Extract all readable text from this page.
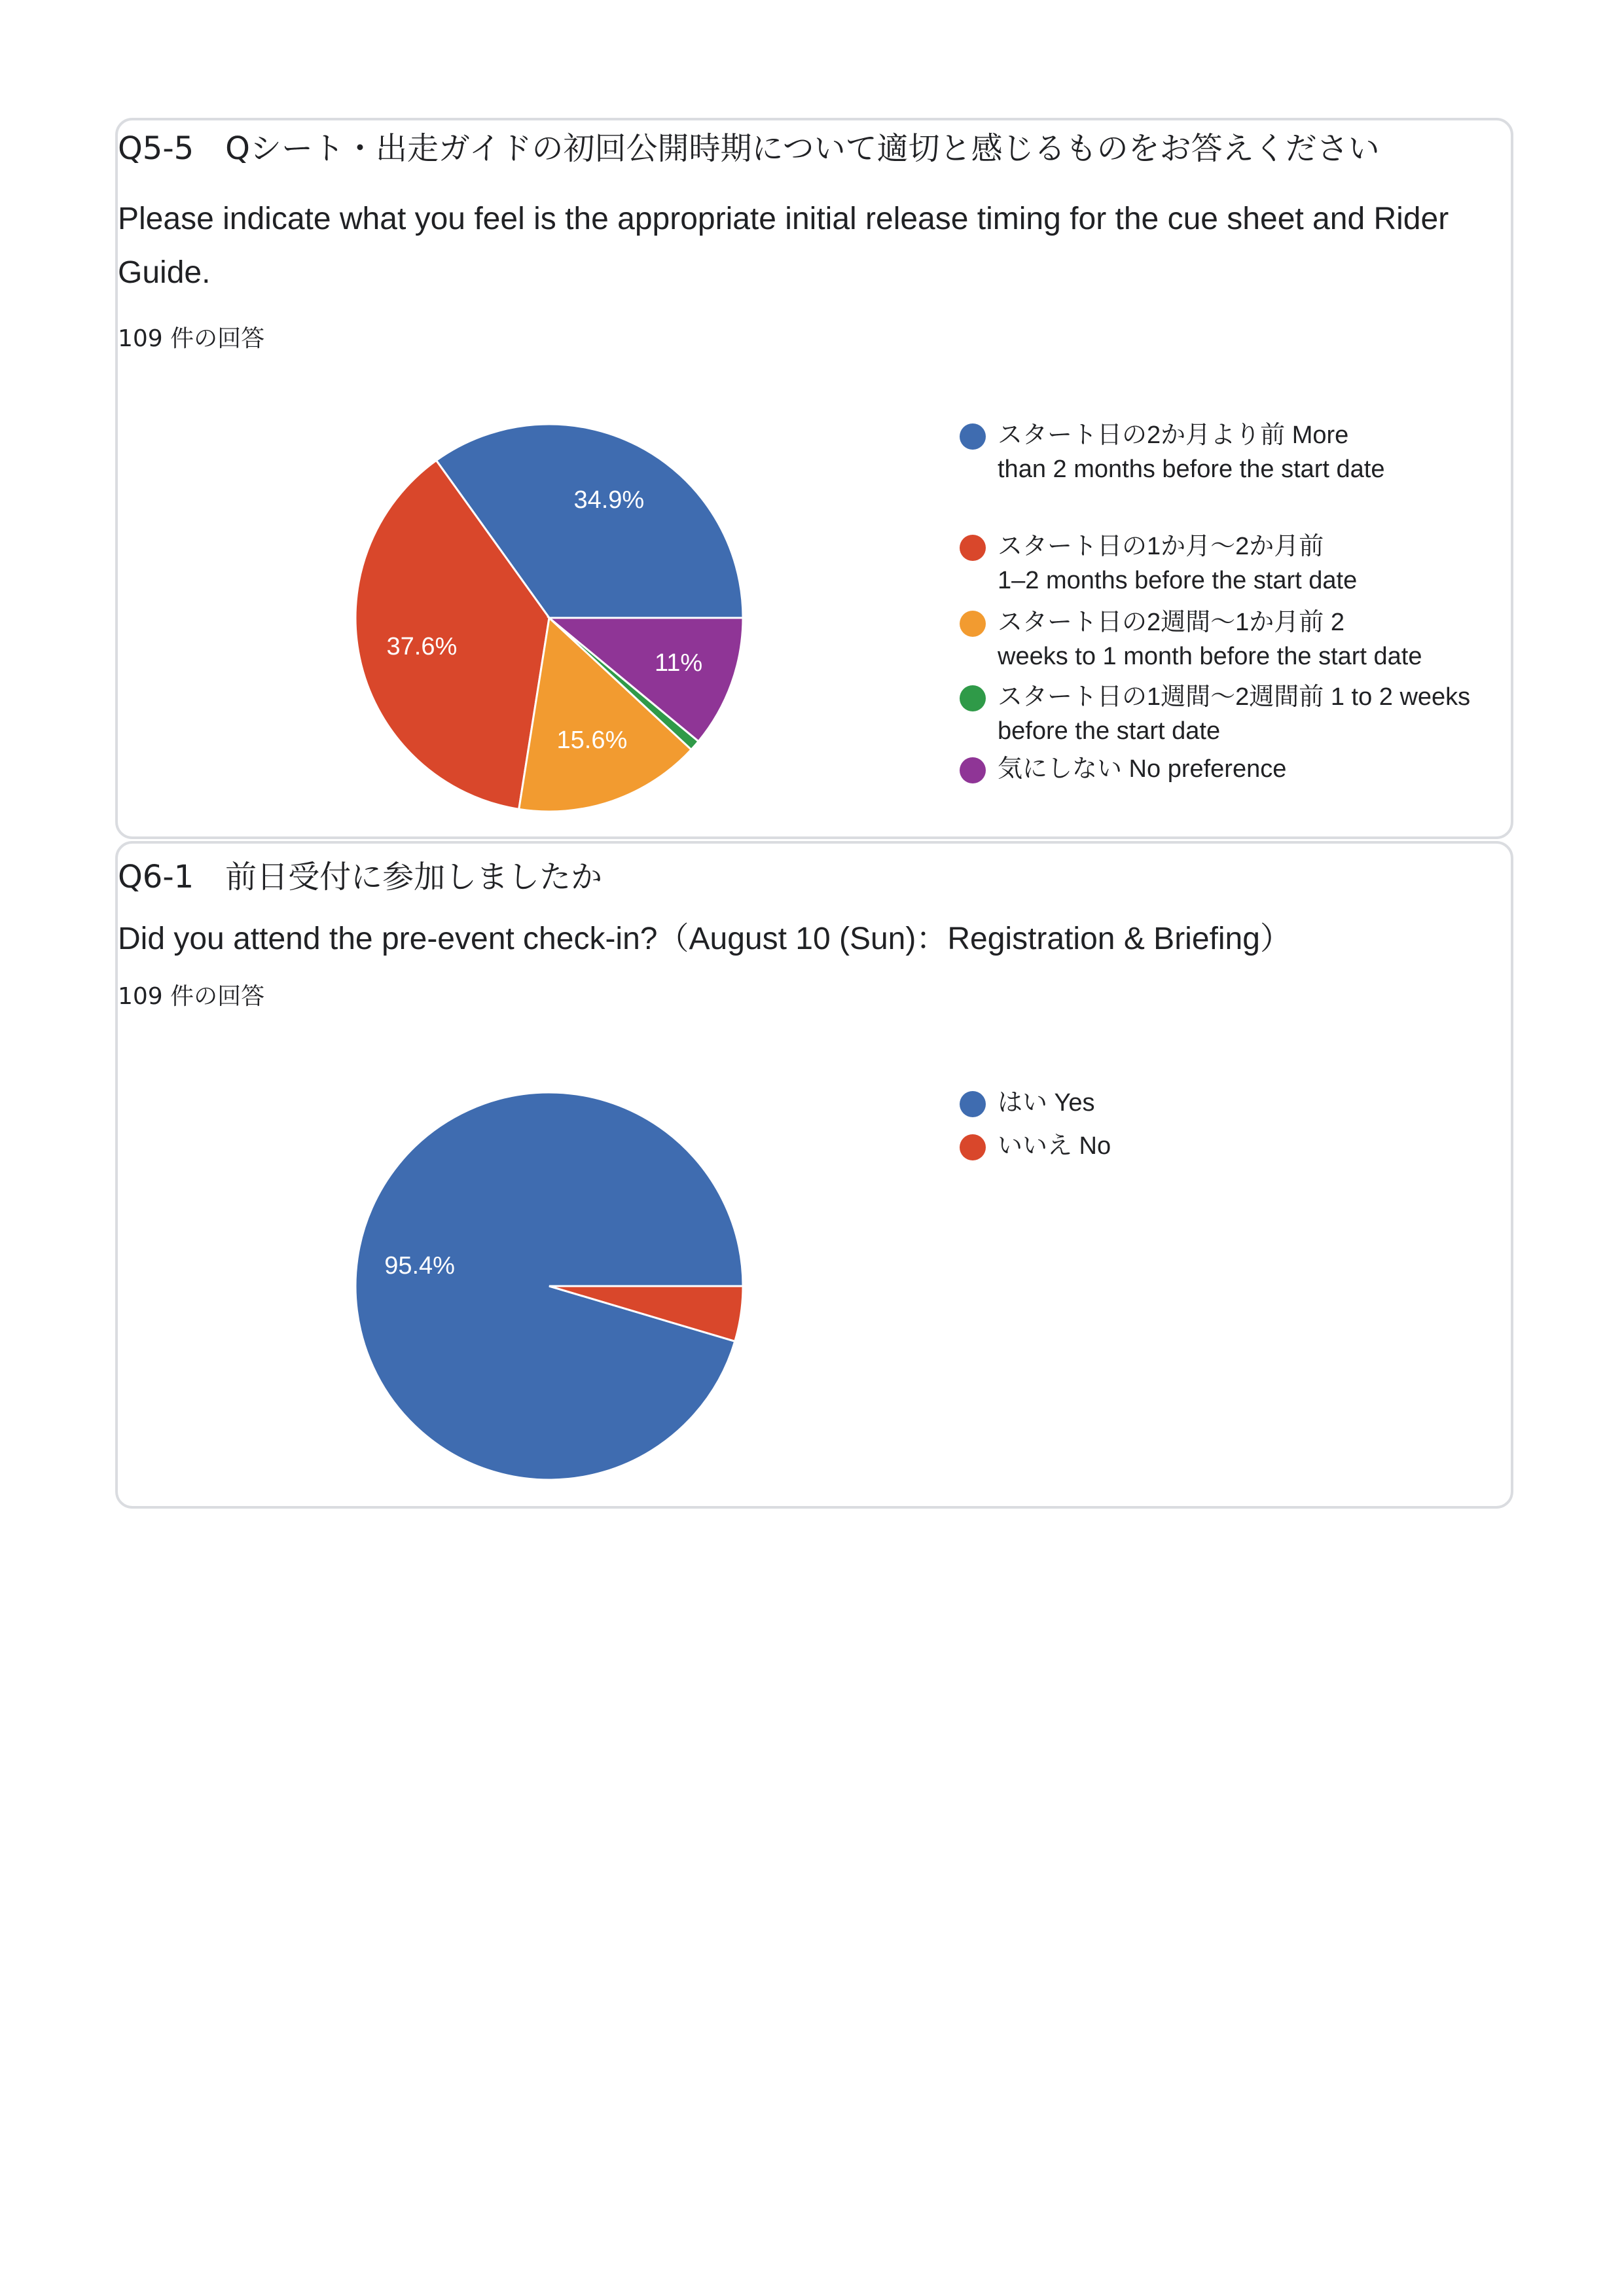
Q5-5　Qシート・出走ガイドの初回公開時期について適切と感じるものをお答えください
Please indicate what you feel is the appropriate initial release timing for the cue sheet and Rider Guide.
109 件の回答
34.9%
37.6%
15.6%
11%
スタート日の2か月より前 More
than 2 months before the start date
スタート日の1か月〜2か月前
1–2 months before the start date
スタート日の2週間〜1か月前 2
weeks to 1 month before the start date
スタート日の1週間〜2週間前 1 to 2 weeks
before the start date
気にしない No preference
Q6-1　前日受付に参加しましたか
Did you attend the pre-event check-in?（August 10 (Sun)：Registration & Briefing）
109 件の回答
95.4%
はい Yes
いいえ No
